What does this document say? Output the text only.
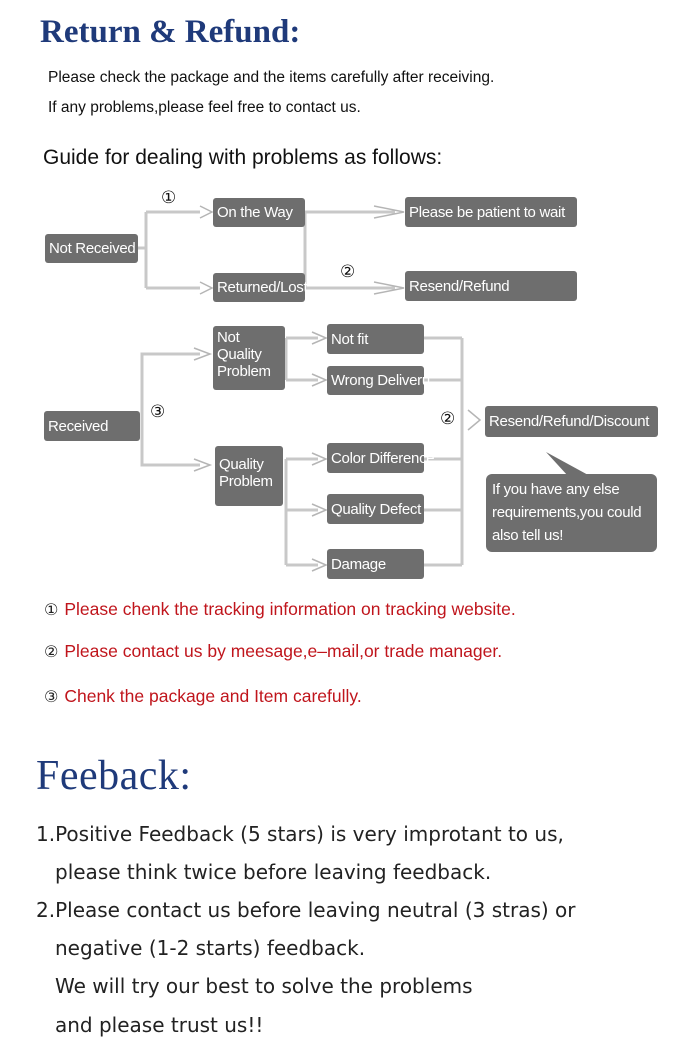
Return & Refund:
Please check the package and the items carefully after receiving.
If any problems,please feel free to contact us.
Guide for dealing with problems as follows:
Not Received
①
On the Way
Returned/Lost
Please be patient to wait
②
Resend/Refund
Received
③
Not
Quality
Problem
Quality
Problem
Not fit
Wrong Deliveru
Color Difference
Quality Defect
Damage
② Resend/Refund/Discount
If you have any else
requirements,you could
also tell us!
① Please chenk the tracking information on tracking website.
② Please contact us by meesage,e–mail,or trade manager.
③ Chenk the package and Item carefully.
Feeback:
1.Positive Feedback (5 stars) is very improtant to us,
please think twice before leaving feedback.
2.Please contact us before leaving neutral (3 stras) or
negative (1-2 starts) feedback.
We will try our best to solve the problems
and please trust us!!
